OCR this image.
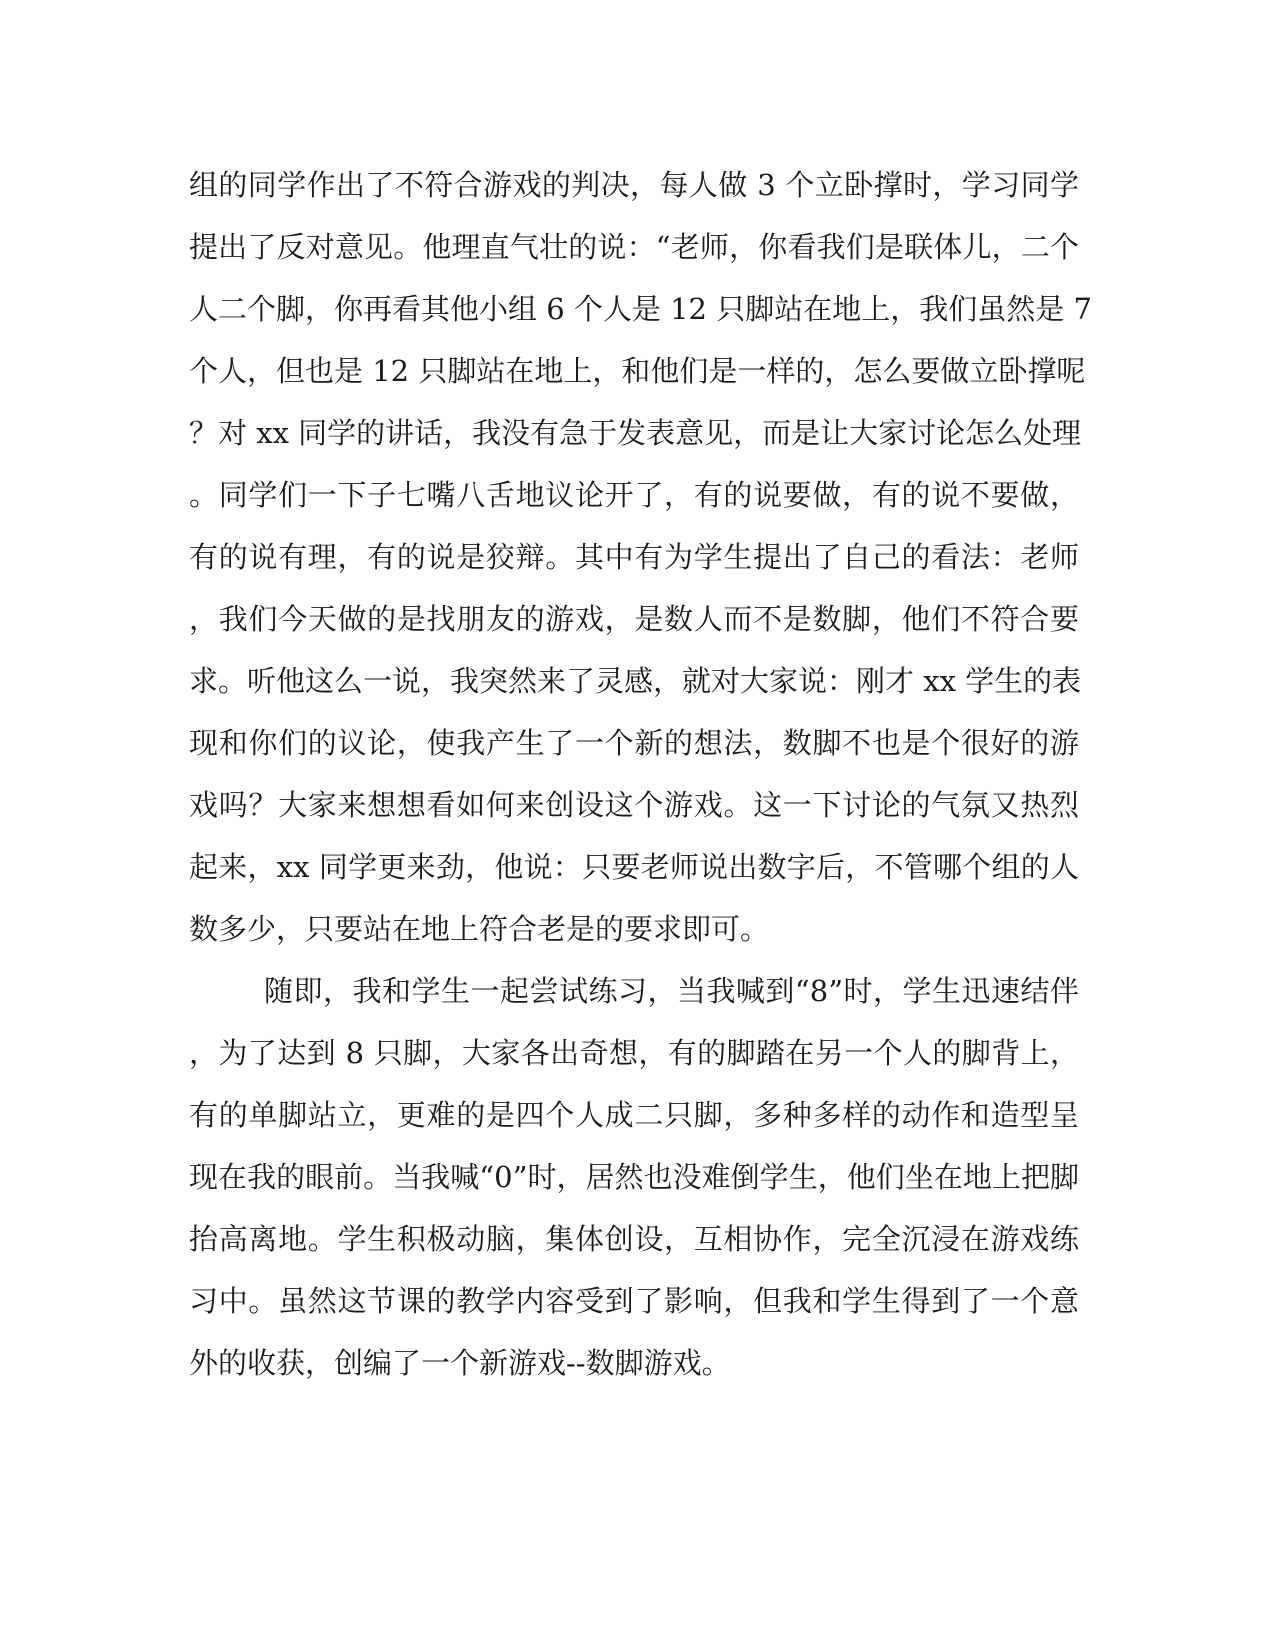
组的同学作出了不符合游戏的判决，每人做 3 个立卧撑时，学习同学
提出了反对意见。他理直气壮的说：“老师，你看我们是联体儿，二个
人二个脚，你再看其他小组 6 个人是 12 只脚站在地上，我们虽然是 7
个人，但也是 12 只脚站在地上，和他们是一样的，怎么要做立卧撑呢
？对 xx 同学的讲话，我没有急于发表意见，而是让大家讨论怎么处理
。同学们一下子七嘴八舌地议论开了，有的说要做，有的说不要做，
有的说有理，有的说是狡辩。其中有为学生提出了自己的看法：老师
，我们今天做的是找朋友的游戏，是数人而不是数脚，他们不符合要
求。听他这么一说，我突然来了灵感，就对大家说：刚才 xx 学生的表
现和你们的议论，使我产生了一个新的想法，数脚不也是个很好的游
戏吗？大家来想想看如何来创设这个游戏。这一下讨论的气氛又热烈
起来，xx 同学更来劲，他说：只要老师说出数字后，不管哪个组的人
数多少，只要站在地上符合老是的要求即可。
随即，我和学生一起尝试练习，当我喊到“8”时，学生迅速结伴
，为了达到 8 只脚，大家各出奇想，有的脚踏在另一个人的脚背上，
有的单脚站立，更难的是四个人成二只脚，多种多样的动作和造型呈
现在我的眼前。当我喊“0”时，居然也没难倒学生，他们坐在地上把脚
抬高离地。学生积极动脑，集体创设，互相协作，完全沉浸在游戏练
习中。虽然这节课的教学内容受到了影响，但我和学生得到了一个意
外的收获，创编了一个新游戏--数脚游戏。
